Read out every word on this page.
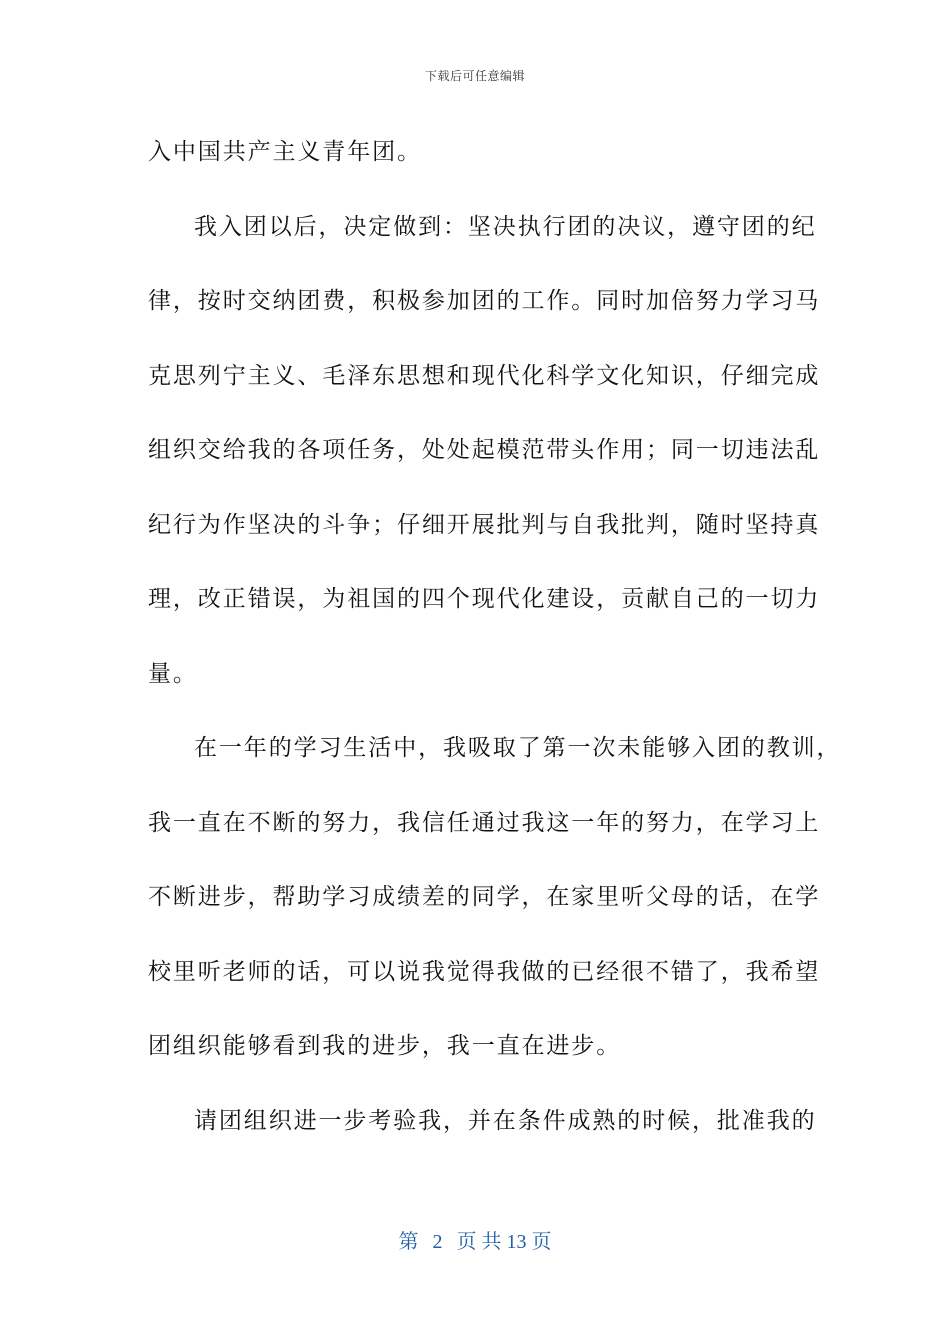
下载后可任意编辑
入中国共产主义青年团。
我入团以后，决定做到：坚决执行团的决议，遵守团的纪
律，按时交纳团费，积极参加团的工作。同时加倍努力学习马
克思列宁主义、毛泽东思想和现代化科学文化知识，仔细完成
组织交给我的各项任务，处处起模范带头作用；同一切违法乱
纪行为作坚决的斗争；仔细开展批判与自我批判，随时坚持真
理，改正错误，为祖国的四个现代化建设，贡献自己的一切力
量。
在一年的学习生活中，我吸取了第一次未能够入团的教训，
我一直在不断的努力，我信任通过我这一年的努力，在学习上
不断进步，帮助学习成绩差的同学，在家里听父母的话，在学
校里听老师的话，可以说我觉得我做的已经很不错了，我希望
团组织能够看到我的进步，我一直在进步。
请团组织进一步考验我，并在条件成熟的时候，批准我的
第 2 页 共 13 页
